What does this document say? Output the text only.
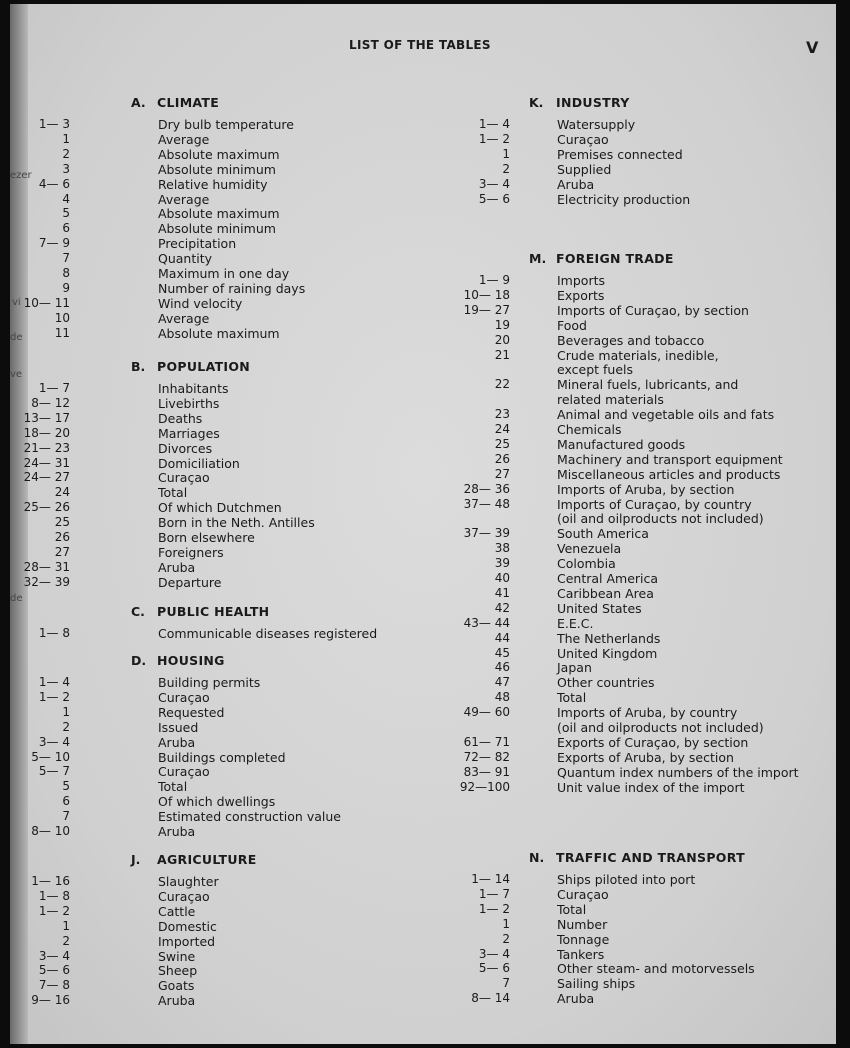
ezer
vi
de
ve
de
LIST OF THE TABLES	V
A. CLIMATE
1— 3	Dry bulb temperature
1	Average
2	Absolute maximum
3	Absolute minimum
4— 6	Relative humidity
4	Average
5	Absolute maximum
6	Absolute minimum
7— 9	Precipitation
7	Quantity
8	Maximum in one day
9	Number of raining days
10— 11	Wind velocity
10	Average
11	Absolute maximum
B. POPULATION
1— 7	Inhabitants
8— 12	Livebirths
13— 17	Deaths
18— 20	Marriages
21— 23	Divorces
24— 31	Domiciliation
24— 27	Curaçao
24	Total
25— 26	Of which Dutchmen
25	Born in the Neth. Antilles
26	Born elsewhere
27	Foreigners
28— 31	Aruba
32— 39	Departure
C. PUBLIC HEALTH
1— 8	Communicable diseases registered
D. HOUSING
1— 4	Building permits
1— 2	Curaçao
1	Requested
2	Issued
3— 4	Aruba
5— 10	Buildings completed
5— 7	Curaçao
5	Total
6	Of which dwellings
7	Estimated construction value
8— 10	Aruba
J. AGRICULTURE
1— 16	Slaughter
1— 8	Curaçao
1— 2	Cattle
1	Domestic
2	Imported
3— 4	Swine
5— 6	Sheep
7— 8	Goats
9— 16	Aruba
K. INDUSTRY
1— 4	Watersupply
1— 2	Curaçao
1	Premises connected
2	Supplied
3— 4	Aruba
5— 6	Electricity production
M. FOREIGN TRADE
1— 9	Imports
10— 18	Exports
19— 27	Imports of Curaçao, by section
19	Food
20	Beverages and tobacco
21	Crude materials, inedible,
except fuels
22	Mineral fuels, lubricants, and
related materials
23	Animal and vegetable oils and fats
24	Chemicals
25	Manufactured goods
26	Machinery and transport equipment
27	Miscellaneous articles and products
28— 36	Imports of Aruba, by section
37— 48	Imports of Curaçao, by country
(oil and oilproducts not included)
37— 39	South America
38	Venezuela
39	Colombia
40	Central America
41	Caribbean Area
42	United States
43— 44	E.E.C.
44	The Netherlands
45	United Kingdom
46	Japan
47	Other countries
48	Total
49— 60	Imports of Aruba, by country
(oil and oilproducts not included)
61— 71	Exports of Curaçao, by section
72— 82	Exports of Aruba, by section
83— 91	Quantum index numbers of the import
92—100	Unit value index of the import
N. TRAFFIC AND TRANSPORT
1— 14	Ships piloted into port
1— 7	Curaçao
1— 2	Total
1	Number
2	Tonnage
3— 4	Tankers
5— 6	Other steam- and motorvessels
7	Sailing ships
8— 14	Aruba
